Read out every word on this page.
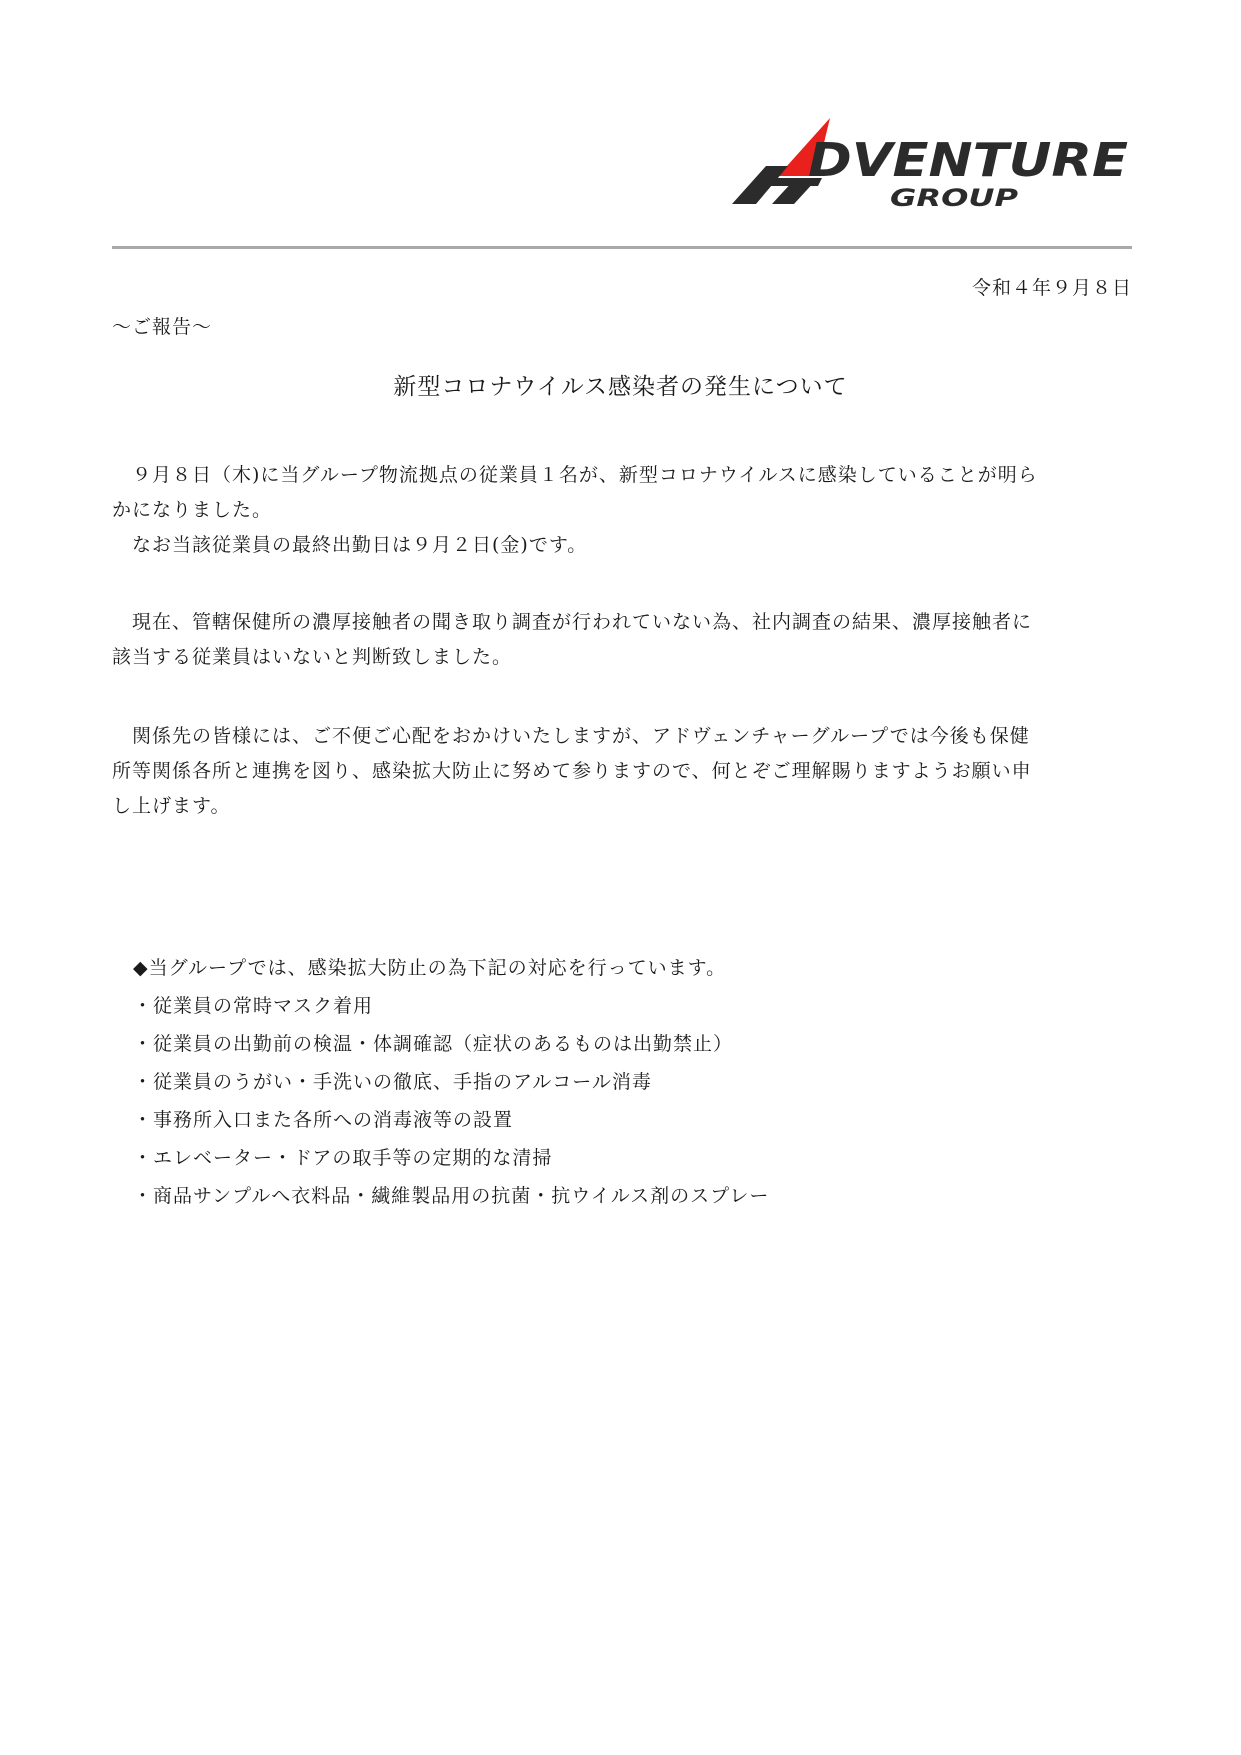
DVENTURE
GROUP
令和４年９月８日
〜ご報告〜
新型コロナウイルス感染者の発生について
　９月８日（木)に当グループ物流拠点の従業員１名が、新型コロナウイルスに感染していることが明ら
かになりました。
　なお当該従業員の最終出勤日は９月２日(金)です。
　現在、管轄保健所の濃厚接触者の聞き取り調査が行われていない為、社内調査の結果、濃厚接触者に
該当する従業員はいないと判断致しました。
　関係先の皆様には、ご不便ご心配をおかけいたしますが、アドヴェンチャーグループでは今後も保健
所等関係各所と連携を図り、感染拡大防止に努めて参りますので、何とぞご理解賜りますようお願い申
し上げます。
◆当グループでは、感染拡大防止の為下記の対応を行っています。
・従業員の常時マスク着用
・従業員の出勤前の検温・体調確認（症状のあるものは出勤禁止）
・従業員のうがい・手洗いの徹底、手指のアルコール消毒
・事務所入口また各所への消毒液等の設置
・エレベーター・ドアの取手等の定期的な清掃
・商品サンプルへ衣料品・繊維製品用の抗菌・抗ウイルス剤のスプレー
